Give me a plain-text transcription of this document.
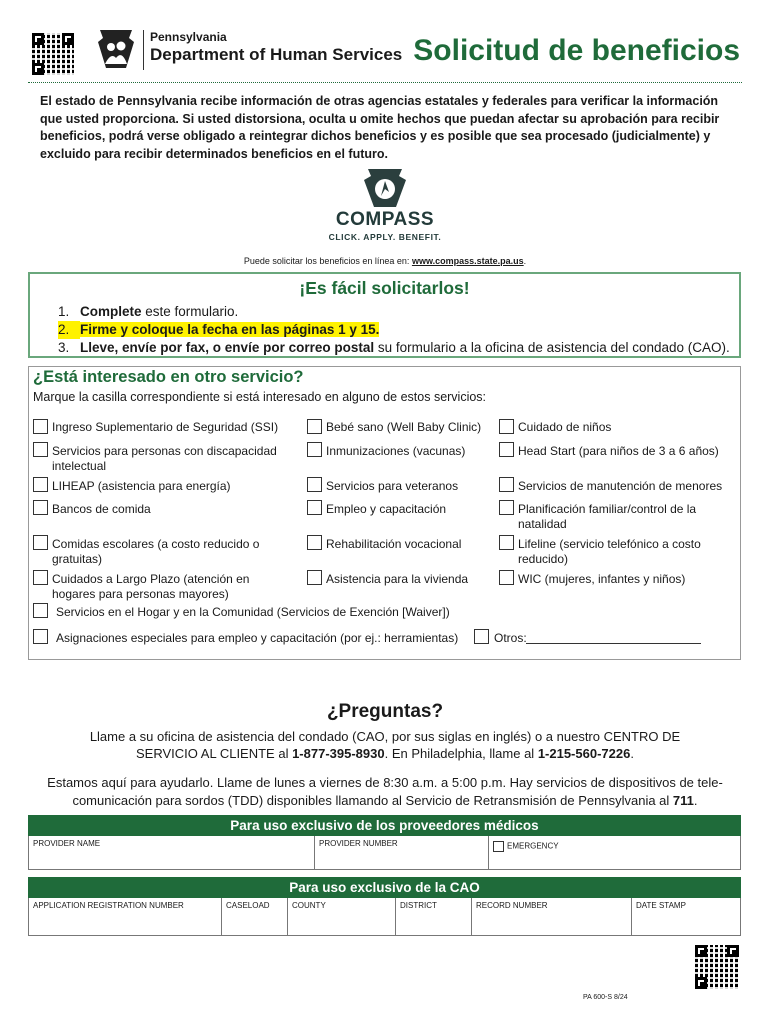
Pennsylvania
Department of Human Services Solicitud de beneficios
El estado de Pennsylvania recibe información de otras agencias estatales y federales para verificar la información que usted proporciona. Si usted distorsiona, oculta u omite hechos que puedan afectar su aprobación para recibir beneficios, podrá verse obligado a reintegrar dichos beneficios y es posible que sea procesado (judicialmente) y excluido para recibir determinados beneficios en el futuro.
COMPASS
CLICK. APPLY. BENEFIT.
Puede solicitar los beneficios en línea en: www.compass.state.pa.us.
¡Es fácil solicitarlos!
1. Complete este formulario.
2. Firme y coloque la fecha en las páginas 1 y 15.
3. Lleve, envíe por fax, o envíe por correo postal su formulario a la oficina de asistencia del condado (CAO).
¿Está interesado en otro servicio?
Marque la casilla correspondiente si está interesado en alguno de estos servicios:
Ingreso Suplementario de Seguridad (SSI)
Servicios para personas con discapacidad intelectual
LIHEAP (asistencia para energía)
Bancos de comida
Comidas escolares (a costo reducido o gratuitas)
Cuidados a Largo Plazo (atención en hogares para personas mayores)
Bebé sano (Well Baby Clinic)
Inmunizaciones (vacunas)
Servicios para veteranos
Empleo y capacitación
Rehabilitación vocacional
Asistencia para la vivienda
Cuidado de niños
Head Start (para niños de 3 a 6 años)
Servicios de manutención de menores
Planificación familiar/control de la natalidad
Lifeline (servicio telefónico a costo reducido)
WIC (mujeres, infantes y niños)
Servicios en el Hogar y en la Comunidad (Servicios de Exención [Waiver])
Asignaciones especiales para empleo y capacitación (por ej.: herramientas)	Otros:
¿Preguntas?
Llame a su oficina de asistencia del condado (CAO, por sus siglas en inglés) o a nuestro CENTRO DE
SERVICIO AL CLIENTE al 1-877-395-8930. En Philadelphia, llame al 1-215-560-7226.
Estamos aquí para ayudarlo. Llame de lunes a viernes de 8:30 a.m. a 5:00 p.m. Hay servicios de dispositivos de tele-
comunicación para sordos (TDD) disponibles llamando al Servicio de Retransmisión de Pennsylvania al 711.
Para uso exclusivo de los proveedores médicos
PROVIDER NAME	PROVIDER NUMBER	EMERGENCY
Para uso exclusivo de la CAO
APPLICATION REGISTRATION NUMBER	CASELOAD	COUNTY	DISTRICT	RECORD NUMBER	DATE STAMP
PA 600-S 8/24
